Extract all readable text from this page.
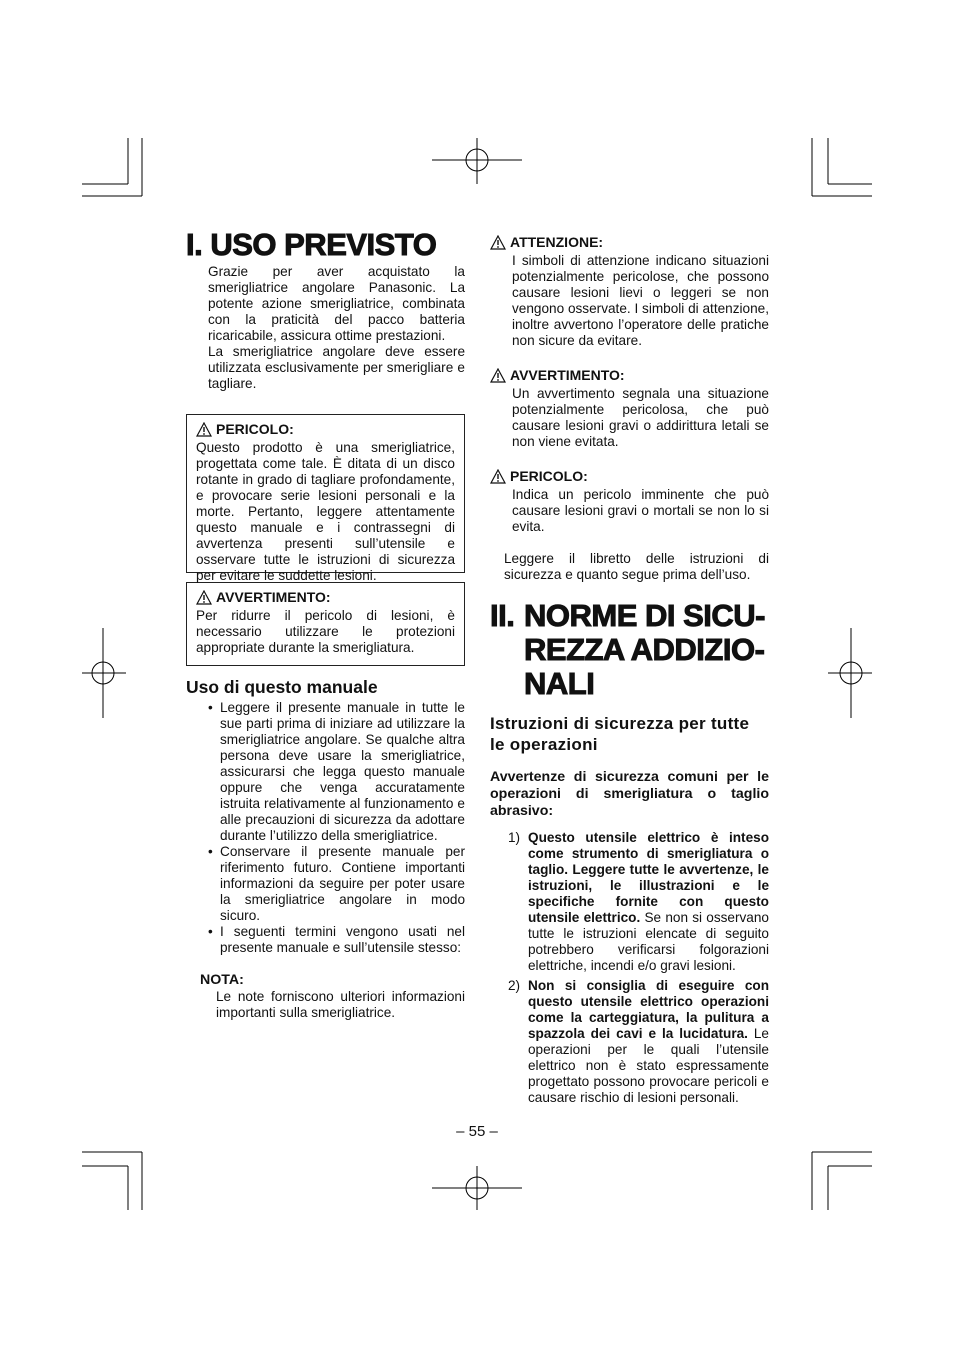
I. USO PREVISTO

Grazie per aver acquistato la smerigliatrice angolare Panasonic. La potente azione smerigliatrice, combinata con la praticità del pacco batteria ricaricabile, assicura ottime prestazioni.

La smerigliatrice angolare deve essere utilizzata esclusivamente per smerigliare e tagliare.

PERICOLO:

Questo prodotto è una smerigliatrice, progettata come tale. È ditata di un disco rotante in grado di tagliare profondamente, e provocare serie lesioni personali e la morte. Pertanto, leggere attentamente questo manuale e i contrassegni di avvertenza presenti sull’utensile e osservare tutte le istruzioni di sicurezza per evitare le suddette lesioni.

AVVERTIMENTO:

Per ridurre il pericolo di lesioni, è necessario utilizzare le protezioni appropriate durante la smerigliatura.

Uso di questo manuale
• Leggere il presente manuale in tutte le sue parti prima di iniziare ad utilizzare la smerigliatrice angolare. Se qualche altra persona deve usare la smerigliatrice, assicurarsi che legga questo manuale oppure che venga accuratamente istruita relativamente al funzionamento e alle precauzioni di sicurezza da adottare durante l’utilizzo della smerigliatrice.
• Conservare il presente manuale per riferimento futuro. Contiene importanti informazioni da seguire per poter usare la smerigliatrice angolare in modo sicuro.
• I seguenti termini vengono usati nel presente manuale e sull’utensile stesso:
NOTA:

Le note forniscono ulteriori informazioni importanti sulla smerigliatrice.

ATTENZIONE:

I simboli di attenzione indicano situazioni potenzialmente pericolose, che possono causare lesioni lievi o leggeri se non vengono osservate. I simboli di attenzione, inoltre avvertono l’operatore delle pratiche non sicure da evitare.

AVVERTIMENTO:

Un avvertimento segnala una situazione potenzialmente pericolosa, che può causare lesioni gravi o addirittura letali se non viene evitata.

PERICOLO:

Indica un pericolo imminente che può causare lesioni gravi o mortali se non lo si evita.

Leggere il libretto delle istruzioni di sicurezza e quanto segue prima dell’uso.

II. NORME DI SICU-
REZZA ADDIZIO-
NALI
Istruzioni di sicurezza per tutte le operazioni
Avvertenze di sicurezza comuni per le operazioni di smerigliatura o taglio abrasivo:
1) Questo utensile elettrico è inteso come strumento di smerigliatura o taglio. Leggere tutte le avvertenze, le istruzioni, le illustrazioni e le specifiche fornite con questo utensile elettrico. Se non si osservano tutte le istruzioni elencate di seguito potrebbero verificarsi folgorazioni elettriche, incendi e/o gravi lesioni.
2) Non si consiglia di eseguire con questo utensile elettrico operazioni come la carteggiatura, la pulitura a spazzola dei cavi e la lucidatura. Le operazioni per le quali l’utensile elettrico non è stato espressamente progettato possono provocare pericoli e causare rischio di lesioni personali.
– 55 –
